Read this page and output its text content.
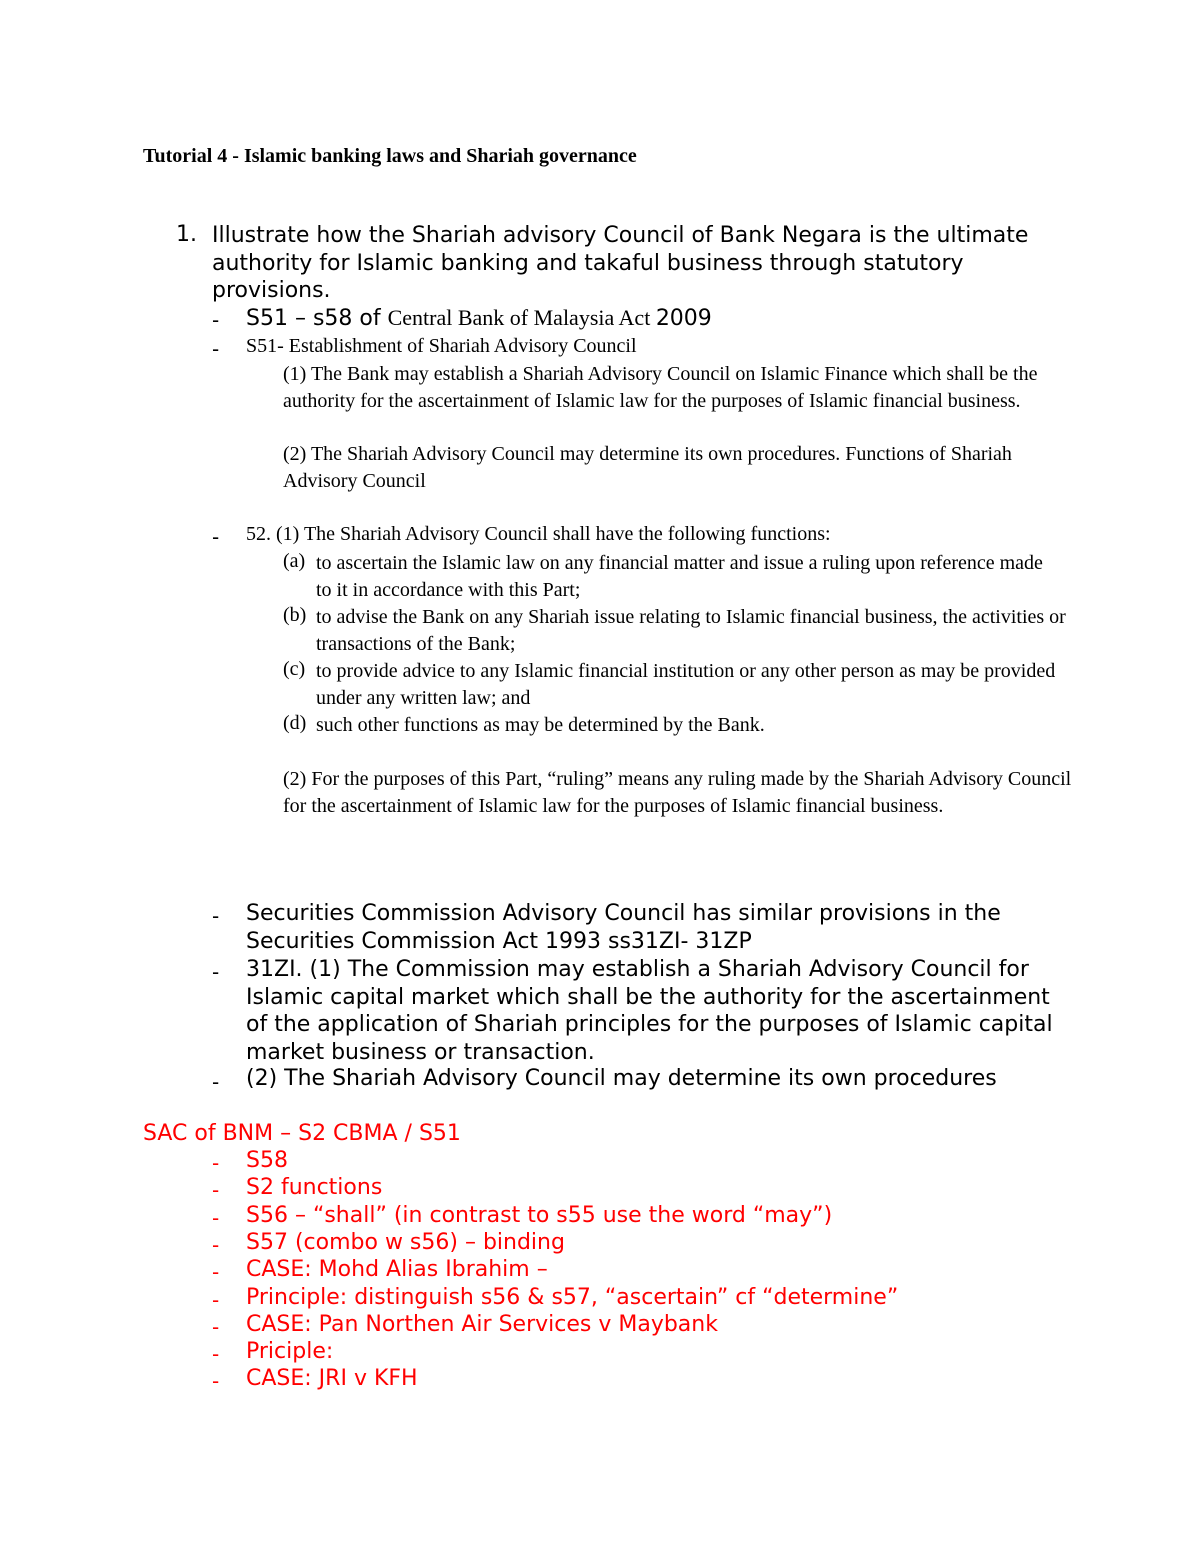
Tutorial 4 - Islamic banking laws and Shariah governance
1. Illustrate how the Shariah advisory Council of Bank Negara is the ultimate authority for Islamic banking and takaful business through statutory provisions.
- S51 – s58 of Central Bank of Malaysia Act 2009
- S51- Establishment of Shariah Advisory Council
(1) The Bank may establish a Shariah Advisory Council on Islamic Finance which shall be the authority for the ascertainment of Islamic law for the purposes of Islamic financial business.
(2) The Shariah Advisory Council may determine its own procedures. Functions of Shariah Advisory Council
- 52. (1) The Shariah Advisory Council shall have the following functions:
(a) to ascertain the Islamic law on any financial matter and issue a ruling upon reference made to it in accordance with this Part;
(b) to advise the Bank on any Shariah issue relating to Islamic financial business, the activities or transactions of the Bank;
(c) to provide advice to any Islamic financial institution or any other person as may be provided under any written law; and
(d) such other functions as may be determined by the Bank.
(2) For the purposes of this Part, “ruling” means any ruling made by the Shariah Advisory Council for the ascertainment of Islamic law for the purposes of Islamic financial business.
- Securities Commission Advisory Council has similar provisions in the Securities Commission Act 1993 ss31ZI- 31ZP
- 31ZI. (1) The Commission may establish a Shariah Advisory Council for Islamic capital market which shall be the authority for the ascertainment of the application of Shariah principles for the purposes of Islamic capital market business or transaction.
- (2) The Shariah Advisory Council may determine its own procedures
SAC of BNM – S2 CBMA / S51
- S58
- S2 functions
- S56 – “shall” (in contrast to s55 use the word “may”)
- S57 (combo w s56) – binding
- CASE: Mohd Alias Ibrahim –
- Principle: distinguish s56 & s57, “ascertain” cf “determine”
- CASE: Pan Northen Air Services v Maybank
- Priciple:
- CASE: JRI v KFH
